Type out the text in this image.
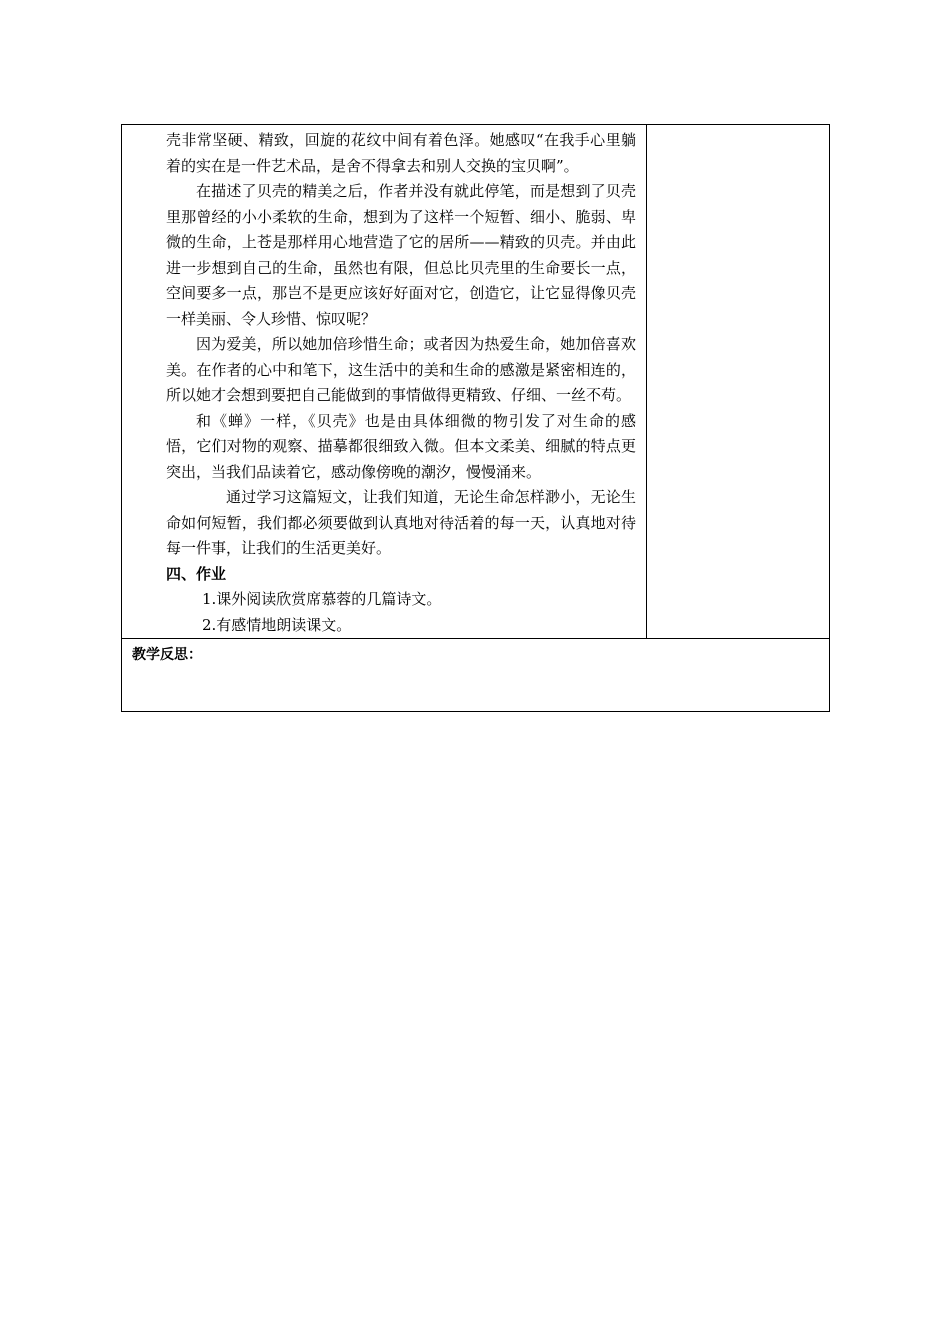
壳非常坚硬、精致，回旋的花纹中间有着色泽。她感叹“在我手心里躺着的实在是一件艺术品，是舍不得拿去和别人交换的宝贝啊”。

在描述了贝壳的精美之后，作者并没有就此停笔，而是想到了贝壳里那曾经的小小柔软的生命，想到为了这样一个短暂、细小、脆弱、卑微的生命，上苍是那样用心地营造了它的居所——精致的贝壳。并由此进一步想到自己的生命，虽然也有限，但总比贝壳里的生命要长一点，空间要多一点，那岂不是更应该好好面对它，创造它，让它显得像贝壳一样美丽、令人珍惜、惊叹呢？

因为爱美，所以她加倍珍惜生命；或者因为热爱生命，她加倍喜欢美。在作者的心中和笔下，这生活中的美和生命的感激是紧密相连的，所以她才会想到要把自己能做到的事情做得更精致、仔细、一丝不苟。

和《蝉》一样，《贝壳》也是由具体细微的物引发了对生命的感悟，它们对物的观察、描摹都很细致入微。但本文柔美、细腻的特点更突出，当我们品读着它，感动像傍晚的潮汐，慢慢涌来。

通过学习这篇短文，让我们知道，无论生命怎样渺小，无论生命如何短暂，我们都必须要做到认真地对待活着的每一天，认真地对待每一件事，让我们的生活更美好。

四、作业

1.课外阅读欣赏席慕蓉的几篇诗文。

2.有感情地朗读课文。

教学反思：
